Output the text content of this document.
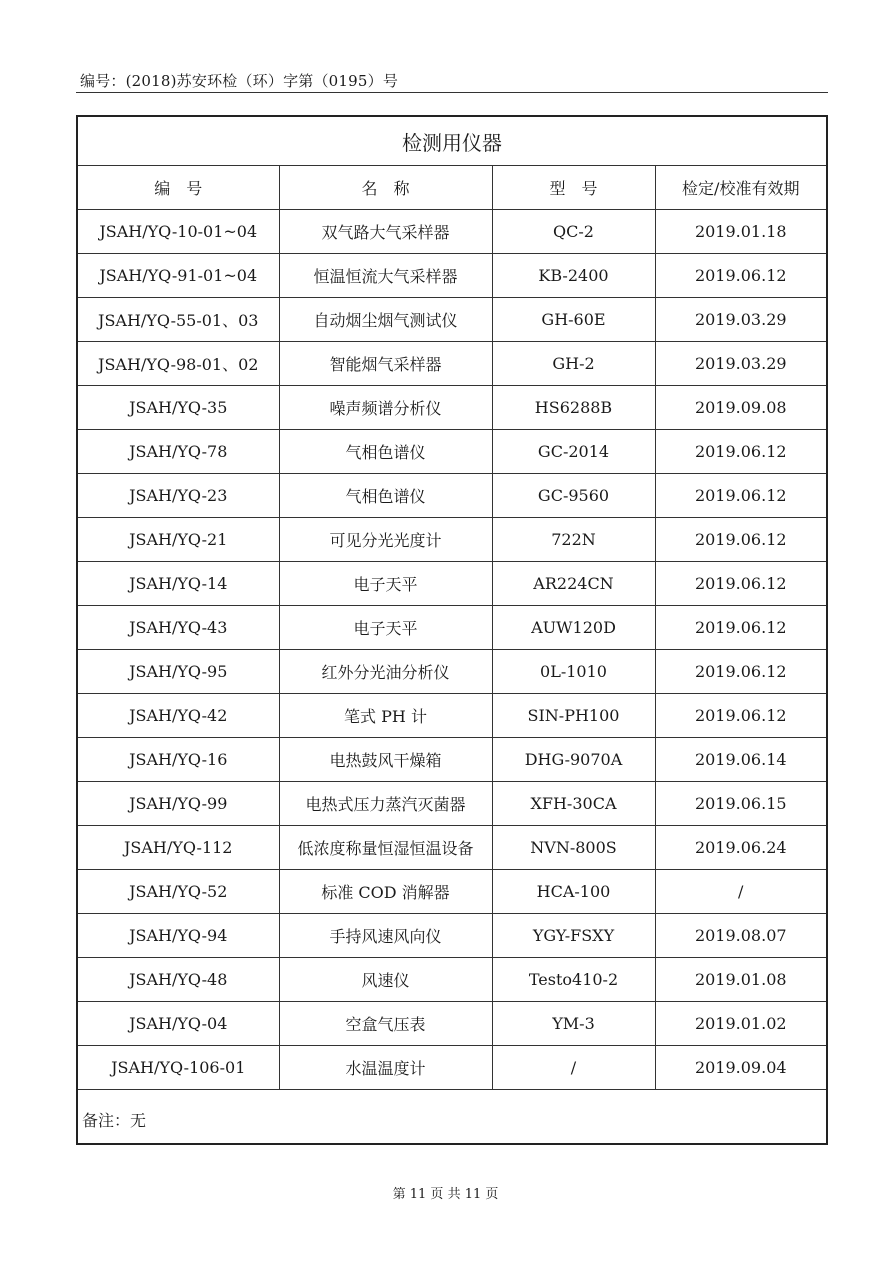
编号：(2018)苏安环检（环）字第（0195）号
检测用仪器			
编　号	名　称	型　号	检定/校准有效期
JSAH/YQ-10-01~04	双气路大气采样器	QC-2	2019.01.18
JSAH/YQ-91-01~04	恒温恒流大气采样器	KB-2400	2019.06.12
JSAH/YQ-55-01、03	自动烟尘烟气测试仪	GH-60E	2019.03.29
JSAH/YQ-98-01、02	智能烟气采样器	GH-2	2019.03.29
JSAH/YQ-35	噪声频谱分析仪	HS6288B	2019.09.08
JSAH/YQ-78	气相色谱仪	GC-2014	2019.06.12
JSAH/YQ-23	气相色谱仪	GC-9560	2019.06.12
JSAH/YQ-21	可见分光光度计	722N	2019.06.12
JSAH/YQ-14	电子天平	AR224CN	2019.06.12
JSAH/YQ-43	电子天平	AUW120D	2019.06.12
JSAH/YQ-95	红外分光油分析仪	0L-1010	2019.06.12
JSAH/YQ-42	笔式 PH 计	SIN-PH100	2019.06.12
JSAH/YQ-16	电热鼓风干燥箱	DHG-9070A	2019.06.14
JSAH/YQ-99	电热式压力蒸汽灭菌器	XFH-30CA	2019.06.15
JSAH/YQ-112	低浓度称量恒湿恒温设备	NVN-800S	2019.06.24
JSAH/YQ-52	标准 COD 消解器	HCA-100	/
JSAH/YQ-94	手持风速风向仪	YGY-FSXY	2019.08.07
JSAH/YQ-48	风速仪	Testo410-2	2019.01.08
JSAH/YQ-04	空盒气压表	YM-3	2019.01.02
JSAH/YQ-106-01	水温温度计	/	2019.09.04
备注：无
第 11 页 共 11 页
